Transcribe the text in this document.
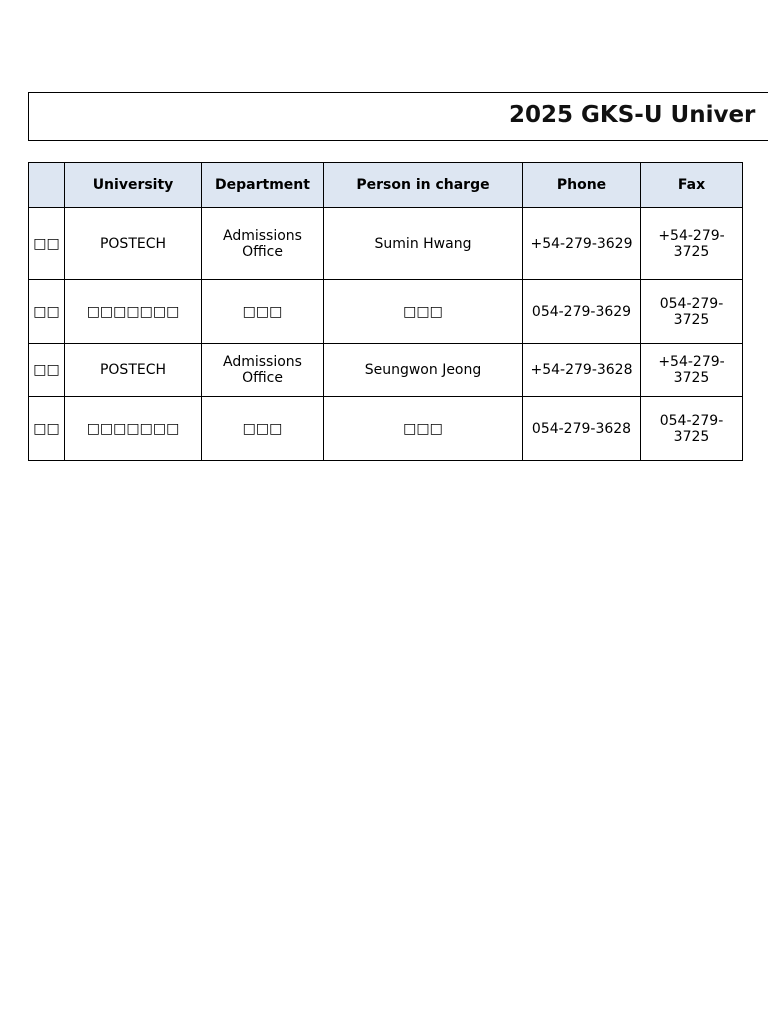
2025 GKS-U Univer
	University	Department	Person in charge	Phone	Fax
□□	POSTECH	Admissions Office	Sumin Hwang	+54-279-3629	+54-279-3725
□□	□□□□□□□	□□□	□□□	054-279-3629	054-279-3725
□□	POSTECH	Admissions Office	Seungwon Jeong	+54-279-3628	+54-279-3725
□□	□□□□□□□	□□□	□□□	054-279-3628	054-279-3725
